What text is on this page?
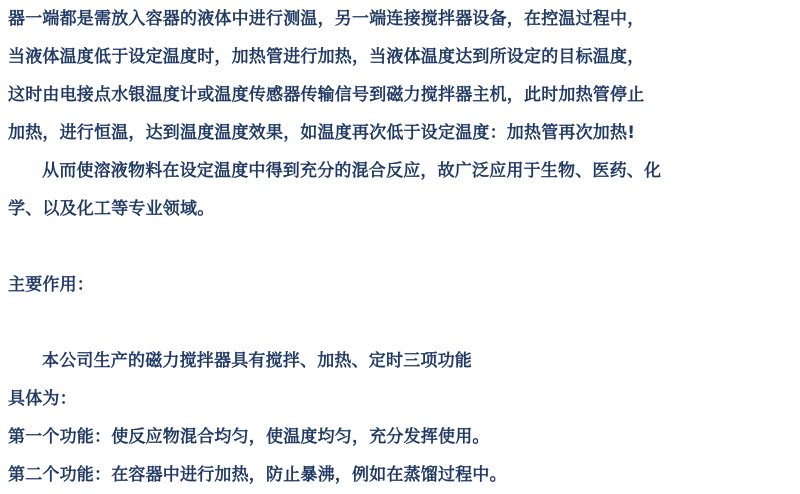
器一端都是需放入容器的液体中进行测温，另一端连接搅拌器设备，在控温过程中，
当液体温度低于设定温度时，加热管进行加热，当液体温度达到所设定的目标温度，
这时由电接点水银温度计或温度传感器传输信号到磁力搅拌器主机，此时加热管停止
加热，进行恒温，达到温度温度效果，如温度再次低于设定温度：加热管再次加热!
从而使溶液物料在设定温度中得到充分的混合反应，故广泛应用于生物、医药、化
学、以及化工等专业领域。
主要作用：
本公司生产的磁力搅拌器具有搅拌、加热、定时三项功能
具体为：
第一个功能：使反应物混合均匀，使温度均匀，充分发挥使用。
第二个功能：在容器中进行加热，防止暴沸，例如在蒸馏过程中。
